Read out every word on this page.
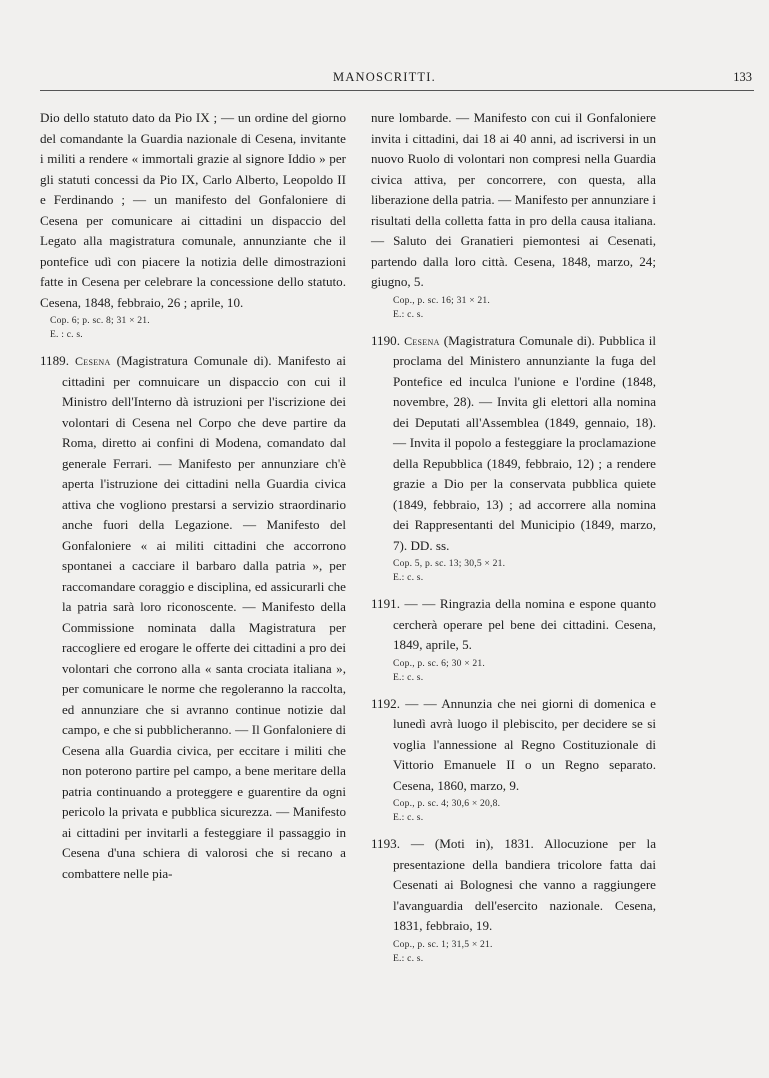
MANOSCRITTI.	133

Dio dello statuto dato da Pio IX ; — un ordine del giorno del comandante la Guardia nazionale di Cesena, invitante i militi a rendere « immortali grazie al signore Iddio » per gli statuti concessi da Pio IX, Carlo Alberto, Leopoldo II e Ferdinando ; — un manifesto del Gonfaloniere di Cesena per comunicare ai cittadini un dispaccio del Legato alla magistratura comunale, annunziante che il pontefice udì con piacere la notizia delle dimostrazioni fatte in Cesena per celebrare la concessione dello statuto. Cesena, 1848, febbraio, 26 ; aprile, 10.

Cop. 6; p. sc. 8; 31 × 21.
E. : c. s.

1189. Cesena (Magistratura Comunale di). Manifesto ai cittadini per comnuicare un dispaccio con cui il Ministro dell'Interno dà istruzioni per l'iscrizione dei volontari di Cesena nel Corpo che deve partire da Roma, diretto ai confini di Modena, comandato dal generale Ferrari. — Manifesto per annunziare ch'è aperta l'istruzione dei cittadini nella Guardia civica attiva che vogliono prestarsi a servizio straordinario anche fuori della Legazione. — Manifesto del Gonfaloniere « ai militi cittadini che accorrono spontanei a cacciare il barbaro dalla patria », per raccomandare coraggio e disciplina, ed assicurarli che la patria sarà loro riconoscente. — Manifesto della Commissione nominata dalla Magistratura per raccogliere ed erogare le offerte dei cittadini a pro dei volontari che corrono alla « santa crociata italiana », per comunicare le norme che regoleranno la raccolta, ed annunziare che si avranno continue notizie dal campo, e che si pubblicheranno. — Il Gonfaloniere di Cesena alla Guardia civica, per eccitare i militi che non poterono partire pel campo, a bene meritare della patria continuando a proteggere e guarentire da ogni pericolo la privata e pubblica sicurezza. — Manifesto ai cittadini per invitarli a festeggiare il passaggio in Cesena d'una schiera di valorosi che si recano a combattere nelle pia-

nure lombarde. — Manifesto con cui il Gonfaloniere invita i cittadini, dai 18 ai 40 anni, ad iscriversi in un nuovo Ruolo di volontari non compresi nella Guardia civica attiva, per concorrere, con questa, alla liberazione della patria. — Manifesto per annunziare i risultati della colletta fatta in pro della causa italiana. — Saluto dei Granatieri piemontesi ai Cesenati, partendo dalla loro città. Cesena, 1848, marzo, 24; giugno, 5.

Cop., p. sc. 16; 31 × 21.
E.: c. s.

1190. Cesena (Magistratura Comunale di). Pubblica il proclama del Ministero annunziante la fuga del Pontefice ed inculca l'unione e l'ordine (1848, novembre, 28). — Invita gli elettori alla nomina dei Deputati all'Assemblea (1849, gennaio, 18). — Invita il popolo a festeggiare la proclamazione della Repubblica (1849, febbraio, 12) ; a rendere grazie a Dio per la conservata pubblica quiete (1849, febbraio, 13) ; ad accorrere alla nomina dei Rappresentanti del Municipio (1849, marzo, 7). DD. ss.

Cop. 5, p. sc. 13; 30,5 × 21.
E.: c. s.

1191. — — Ringrazia della nomina e espone quanto cercherà operare pel bene dei cittadini. Cesena, 1849, aprile, 5.

Cop., p. sc. 6; 30 × 21.
E.: c. s.

1192. — — Annunzia che nei giorni di domenica e lunedì avrà luogo il plebiscito, per decidere se si voglia l'annessione al Regno Costituzionale di Vittorio Emanuele II o un Regno separato. Cesena, 1860, marzo, 9.

Cop., p. sc. 4; 30,6 × 20,8.
E.: c. s.

1193. — (Moti in), 1831. Allocuzione per la presentazione della bandiera tricolore fatta dai Cesenati ai Bolognesi che vanno a raggiungere l'avanguardia dell'esercito nazionale. Cesena, 1831, febbraio, 19.

Cop., p. sc. 1; 31,5 × 21.
E.: c. s.
